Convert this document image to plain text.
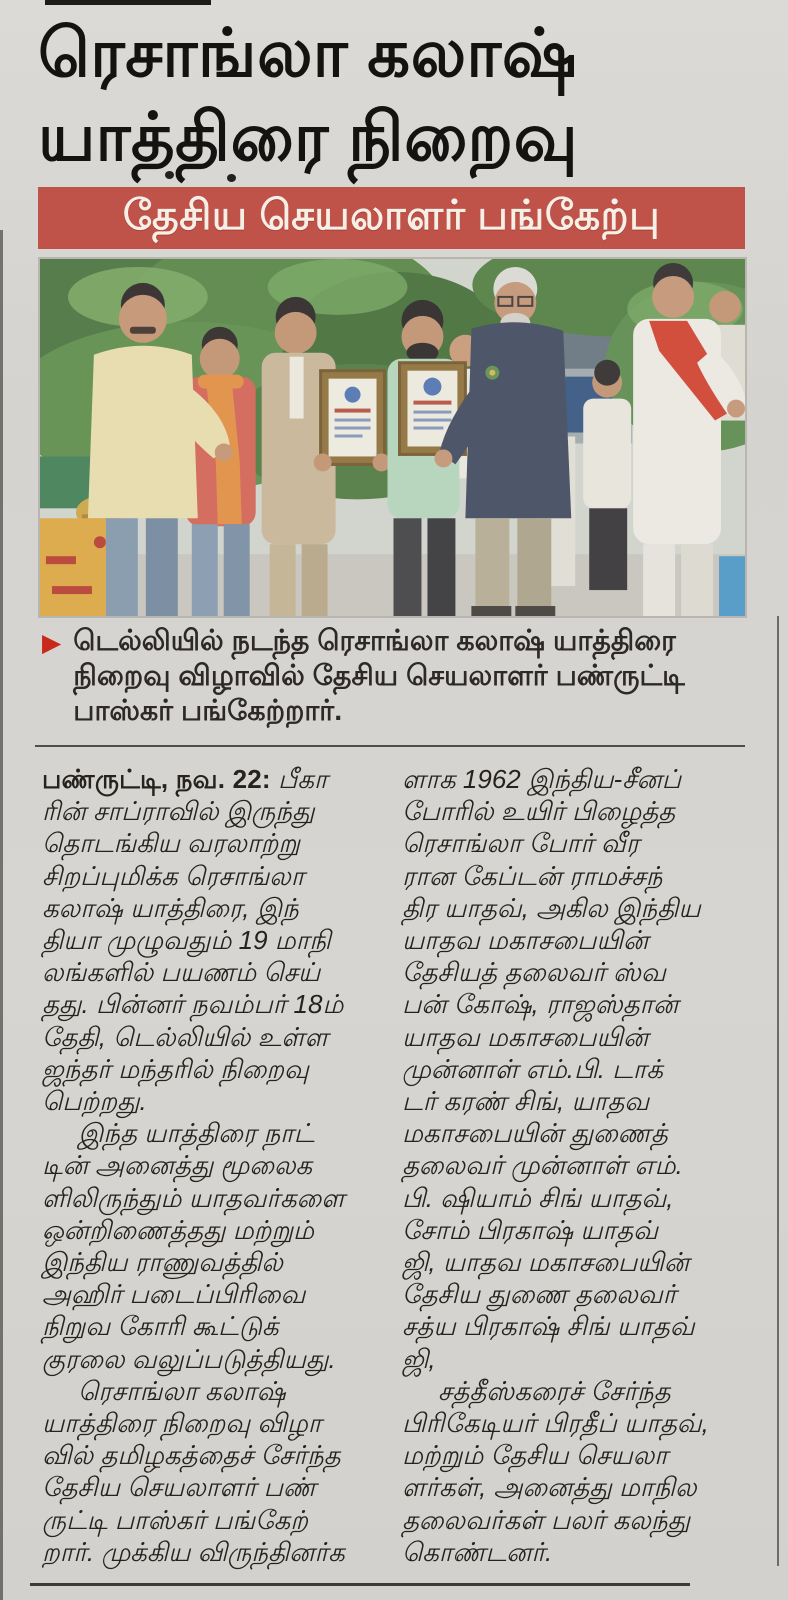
ரெசாங்லா கலாஷ்
யாத்திரை நிறைவு
தேசிய செயலாளர் பங்கேற்பு
▶ டெல்லியில் நடந்த ரெசாங்லா கலாஷ் யாத்திரை
நிறைவு விழாவில் தேசிய செயலாளர் பண்ருட்டி
பாஸ்கர் பங்கேற்றார்.
பண்ருட்டி, நவ. 22: பீகா
ரின் சாப்ராவில் இருந்து
தொடங்கிய வரலாற்று
சிறப்புமிக்க ரெசாங்லா
கலாஷ் யாத்திரை, இந்
தியா முழுவதும் 19 மாநி
லங்களில் பயணம் செய்
தது. பின்னர் நவம்பர் 18ம்
தேதி, டெல்லியில் உள்ள
ஜந்தர் மந்தரில் நிறைவு
பெற்றது.
இந்த யாத்திரை நாட்
டின் அனைத்து மூலைக
ளிலிருந்தும் யாதவர்களை
ஒன்றிணைத்தது மற்றும்
இந்திய ராணுவத்தில்
அஹிர் படைப்பிரிவை
நிறுவ கோரி கூட்டுக்
குரலை வலுப்படுத்தியது.
ரெசாங்லா கலாஷ்
யாத்திரை நிறைவு விழா
வில் தமிழகத்தைச் சேர்ந்த
தேசிய செயலாளர் பண்
ருட்டி பாஸ்கர் பங்கேற்
றார். முக்கிய விருந்தினர்க
ளாக 1962 இந்திய-சீனப்
போரில் உயிர் பிழைத்த
ரெசாங்லா போர் வீர
ரான கேப்டன் ராமச்சந்
திர யாதவ், அகில இந்திய
யாதவ மகாசபையின்
தேசியத் தலைவர் ஸ்வ
பன் கோஷ், ராஜஸ்தான்
யாதவ மகாசபையின்
முன்னாள் எம்.பி. டாக்
டர் கரண் சிங், யாதவ
மகாசபையின் துணைத்
தலைவர் முன்னாள் எம்.
பி. ஷியாம் சிங் யாதவ்,
சோம் பிரகாஷ் யாதவ்
ஜி, யாதவ மகாசபையின்
தேசிய துணை தலைவர்
சத்ய பிரகாஷ் சிங் யாதவ்
ஜி,
சத்தீஸ்கரைச் சேர்ந்த
பிரிகேடியர் பிரதீப் யாதவ்,
மற்றும் தேசிய செயலா
ளர்கள், அனைத்து மாநில
தலைவர்கள் பலர் கலந்து
கொண்டனர்.
